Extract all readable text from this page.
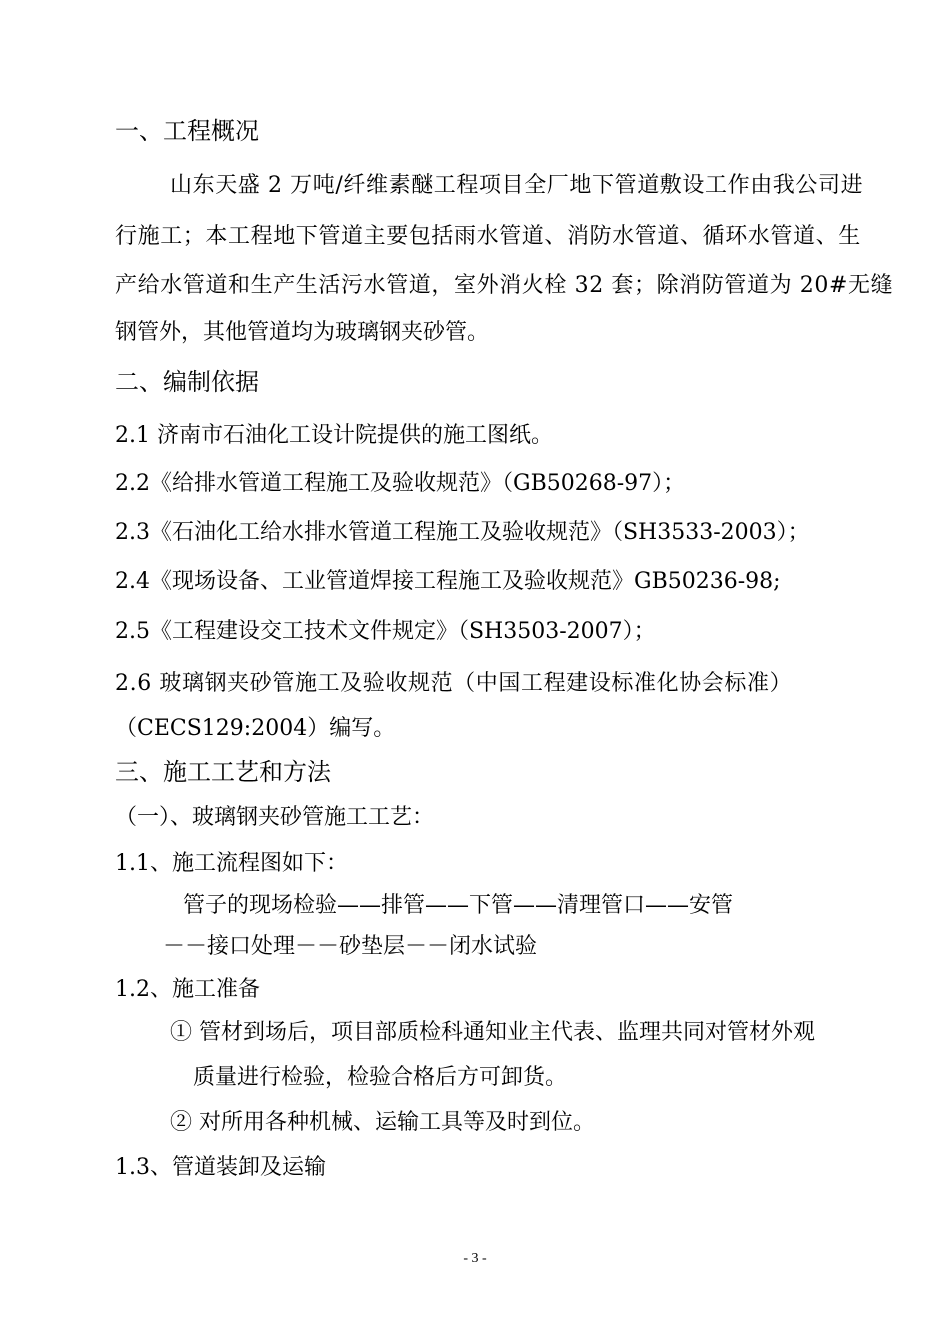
一、工程概况
山东天盛 2 万吨/纤维素醚工程项目全厂地下管道敷设工作由我公司进
行施工；本工程地下管道主要包括雨水管道、消防水管道、循环水管道、生
产给水管道和生产生活污水管道，室外消火栓 32 套；除消防管道为 20#无缝
钢管外，其他管道均为玻璃钢夹砂管。
二、编制依据
2.1 济南市石油化工设计院提供的施工图纸。
2.2《给排水管道工程施工及验收规范》（GB50268-97）；
2.3《石油化工给水排水管道工程施工及验收规范》（SH3533-2003）；
2.4《现场设备、工业管道焊接工程施工及验收规范》GB50236-98;
2.5《工程建设交工技术文件规定》（SH3503-2007）；
2.6 玻璃钢夹砂管施工及验收规范（中国工程建设标准化协会标准）
（CECS129:2004）编写。
三、施工工艺和方法
（一）、玻璃钢夹砂管施工工艺：
1.1、施工流程图如下：
管子的现场检验——排管——下管——清理管口——安管
－－接口处理－－砂垫层－－闭水试验
1.2、施工准备
① 管材到场后，项目部质检科通知业主代表、监理共同对管材外观
质量进行检验，检验合格后方可卸货。
② 对所用各种机械、运输工具等及时到位。
1.3、管道装卸及运输
- 3 -
